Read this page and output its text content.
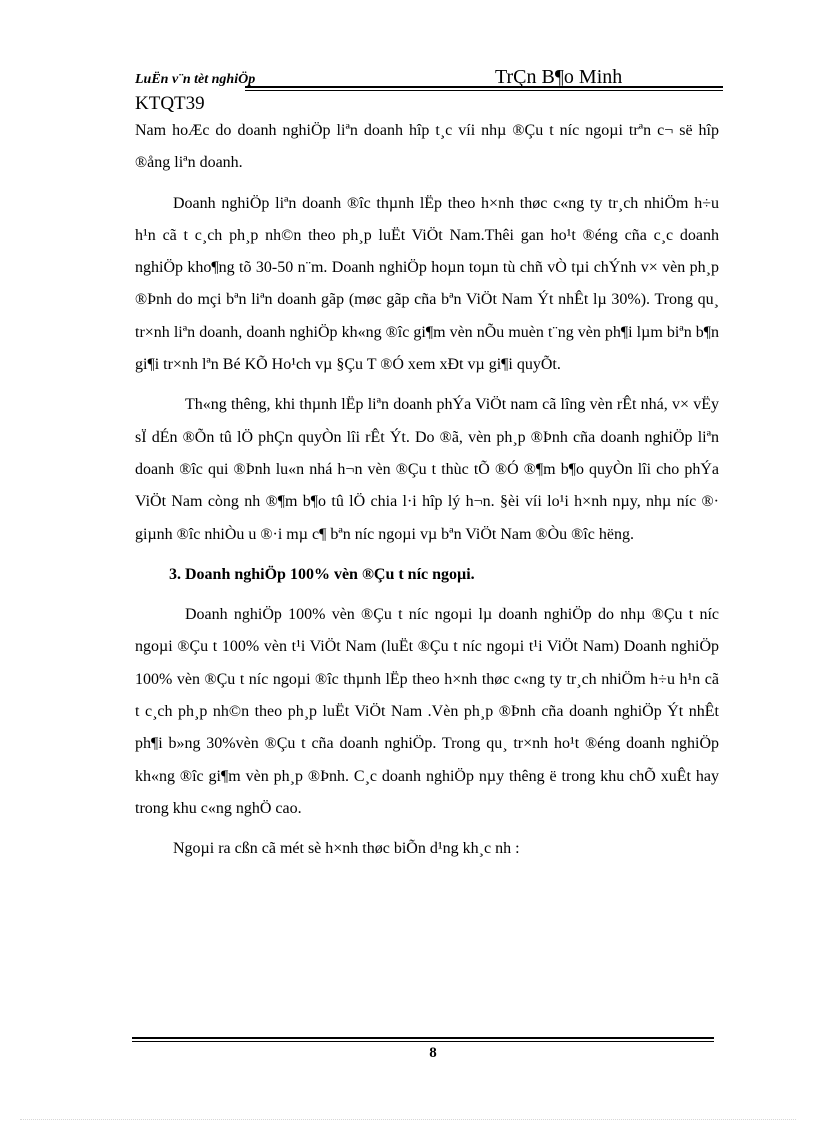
LuËn v¨n tèt nghiÖp	TrÇn B¶o Minh
KTQT39

Nam hoÆc do doanh nghiÖp liªn doanh hîp t¸c víi nhµ ®Çu t níc ngoµi trªn c¬ së hîp ®ång liªn doanh.

Doanh nghiÖp liªn doanh ®îc thµnh lËp theo h×nh thøc c«ng ty tr¸ch nhiÖm h÷u h¹n cã t c¸ch ph¸p nh©n theo ph¸p luËt ViÖt Nam.Thêi gan ho¹t ®éng cña c¸c doanh nghiÖp kho¶ng tõ 30-50 n¨m. Doanh nghiÖp hoµn toµn tù chñ vÒ tµi chÝnh v× vèn ph¸p ®Þnh do mçi bªn liªn doanh gãp (møc gãp cña bªn ViÖt Nam Ýt nhÊt lµ 30%). Trong qu¸ tr×nh liªn doanh, doanh nghiÖp kh«ng ®îc gi¶m vèn nÕu muèn t¨ng vèn ph¶i lµm biªn b¶n gi¶i tr×nh lªn Bé KÕ Ho¹ch vµ §Çu T ®Ó xem xÐt vµ gi¶i quyÕt.

Th«ng thêng, khi thµnh lËp liªn doanh phÝa ViÖt nam cã lîng vèn rÊt nhá, v× vËy sÏ dÉn ®Õn tû lÖ phÇn quyÒn lîi rÊt Ýt. Do ®ã, vèn ph¸p ®Þnh cña doanh nghiÖp liªn doanh ®îc qui ®Þnh lu«n nhá h¬n vèn ®Çu t thùc tÕ ®Ó ®¶m b¶o quyÒn lîi cho phÝa ViÖt Nam còng nh ®¶m b¶o tû lÖ chia l·i hîp lý h¬n. §èi víi lo¹i h×nh nµy, nhµ níc ®· giµnh ®îc nhiÒu u ®·i mµ c¶ bªn níc ngoµi vµ bªn ViÖt Nam ®Òu ®îc hëng.

3. Doanh nghiÖp 100% vèn ®Çu t níc ngoµi.

Doanh nghiÖp 100% vèn ®Çu t níc ngoµi lµ doanh nghiÖp do nhµ ®Çu t níc ngoµi ®Çu t 100% vèn t¹i ViÖt Nam (luËt ®Çu t níc ngoµi t¹i ViÖt Nam) Doanh nghiÖp 100% vèn ®Çu t níc ngoµi ®îc thµnh lËp theo h×nh thøc c«ng ty tr¸ch nhiÖm h÷u h¹n cã t c¸ch ph¸p nh©n theo ph¸p luËt ViÖt Nam .Vèn ph¸p ®Þnh cña doanh nghiÖp Ýt nhÊt ph¶i b»ng 30%vèn ®Çu t cña doanh nghiÖp. Trong qu¸ tr×nh ho¹t ®éng doanh nghiÖp kh«ng ®îc gi¶m vèn ph¸p ®Þnh. C¸c doanh nghiÖp nµy thêng ë trong khu chÕ xuÊt hay trong khu c«ng nghÖ cao.

Ngoµi ra cßn cã mét sè h×nh thøc biÕn d¹ng kh¸c nh :

8
